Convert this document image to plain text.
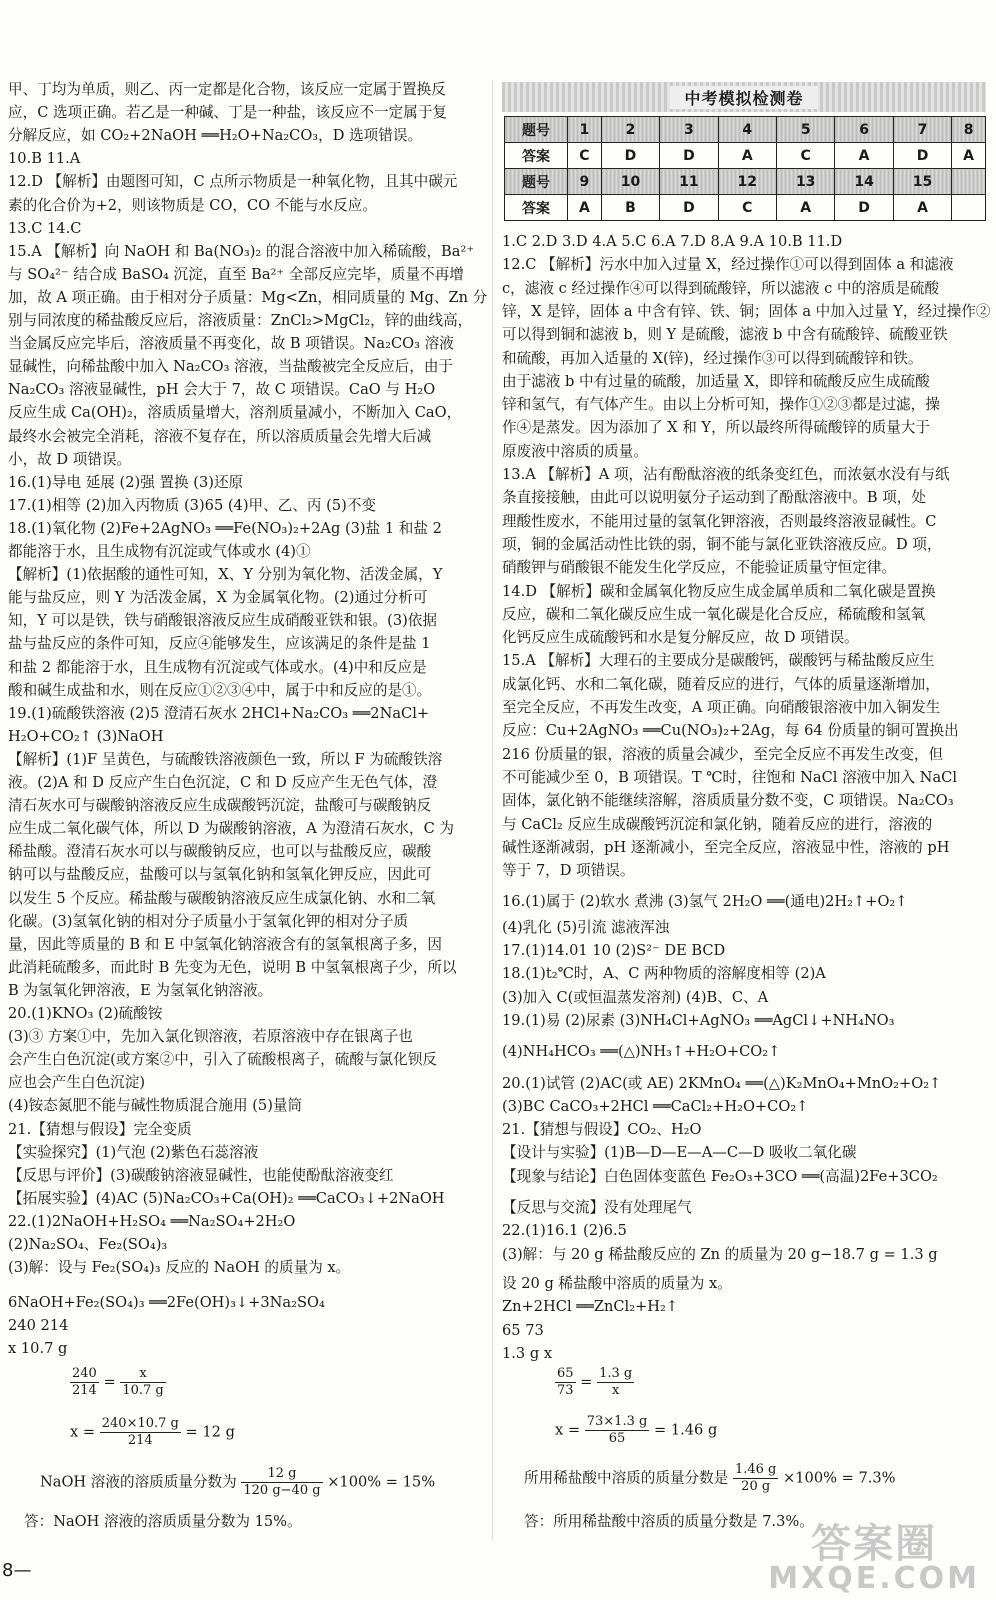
甲、丁均为单质，则乙、丙一定都是化合物，该反应一定属于置换反
应，C 选项正确。若乙是一种碱、丁是一种盐，该反应不一定属于复
分解反应，如 CO₂+2NaOH ══H₂O+Na₂CO₃，D 选项错误。
10.B 11.A
12.D 【解析】由题图可知，C 点所示物质是一种氧化物，且其中碳元
素的化合价为+2，则该物质是 CO，CO 不能与水反应。
13.C 14.C
15.A 【解析】向 NaOH 和 Ba(NO₃)₂ 的混合溶液中加入稀硫酸，Ba²⁺
与 SO₄²⁻ 结合成 BaSO₄ 沉淀，直至 Ba²⁺ 全部反应完毕，质量不再增
加，故 A 项正确。由于相对分子质量：Mg<Zn，相同质量的 Mg、Zn 分
别与同浓度的稀盐酸反应后，溶液质量：ZnCl₂>MgCl₂，锌的曲线高，
当金属反应完毕后，溶液质量不再变化，故 B 项错误。Na₂CO₃ 溶液
显碱性，向稀盐酸中加入 Na₂CO₃ 溶液，当盐酸被完全反应后，由于
Na₂CO₃ 溶液显碱性，pH 会大于 7，故 C 项错误。CaO 与 H₂O
反应生成 Ca(OH)₂，溶质质量增大，溶剂质量减小，不断加入 CaO，
最终水会被完全消耗，溶液不复存在，所以溶质质量会先增大后减
小，故 D 项错误。
16.(1)导电 延展 (2)强 置换 (3)还原
17.(1)相等 (2)加入丙物质 (3)65 (4)甲、乙、丙 (5)不变
18.(1)氧化物 (2)Fe+2AgNO₃ ══Fe(NO₃)₂+2Ag (3)盐 1 和盐 2
都能溶于水，且生成物有沉淀或气体或水 (4)①
【解析】(1)依据酸的通性可知，X、Y 分别为氧化物、活泼金属，Y
能与盐反应，则 Y 为活泼金属，X 为金属氧化物。(2)通过分析可
知，Y 可以是铁，铁与硝酸银溶液反应生成硝酸亚铁和银。(3)依据
盐与盐反应的条件可知，反应④能够发生，应该满足的条件是盐 1
和盐 2 都能溶于水，且生成物有沉淀或气体或水。(4)中和反应是
酸和碱生成盐和水，则在反应①②③④中，属于中和反应的是①。
19.(1)硫酸铁溶液 (2)5 澄清石灰水 2HCl+Na₂CO₃ ══2NaCl+
H₂O+CO₂↑ (3)NaOH
【解析】(1)F 呈黄色，与硫酸铁溶液颜色一致，所以 F 为硫酸铁溶
液。(2)A 和 D 反应产生白色沉淀，C 和 D 反应产生无色气体，澄
清石灰水可与碳酸钠溶液反应生成碳酸钙沉淀，盐酸可与碳酸钠反
应生成二氧化碳气体，所以 D 为碳酸钠溶液，A 为澄清石灰水，C 为
稀盐酸。澄清石灰水可以与碳酸钠反应，也可以与盐酸反应，碳酸
钠可以与盐酸反应，盐酸可以与氢氧化钠和氢氧化钾反应，因此可
以发生 5 个反应。稀盐酸与碳酸钠溶液反应生成氯化钠、水和二氧
化碳。(3)氢氧化钠的相对分子质量小于氢氧化钾的相对分子质
量，因此等质量的 B 和 E 中氢氧化钠溶液含有的氢氧根离子多，因
此消耗硫酸多，而此时 B 先变为无色，说明 B 中氢氧根离子少，所以
B 为氢氧化钾溶液，E 为氢氧化钠溶液。
20.(1)KNO₃ (2)硫酸铵
(3)③ 方案①中，先加入氯化钡溶液，若原溶液中存在银离子也
会产生白色沉淀(或方案②中，引入了硫酸根离子，硫酸与氯化钡反
应也会产生白色沉淀)
(4)铵态氮肥不能与碱性物质混合施用 (5)量筒
21.【猜想与假设】完全变质
【实验探究】(1)气泡 (2)紫色石蕊溶液
【反思与评价】(3)碳酸钠溶液显碱性，也能使酚酞溶液变红
【拓展实验】(4)AC (5)Na₂CO₃+Ca(OH)₂ ══CaCO₃↓+2NaOH
22.(1)2NaOH+H₂SO₄ ══Na₂SO₄+2H₂O
(2)Na₂SO₄、Fe₂(SO₄)₃
(3)解：设与 Fe₂(SO₄)₃ 反应的 NaOH 的质量为 x。
6NaOH+Fe₂(SO₄)₃ ══2Fe(OH)₃↓+3Na₂SO₄
240 214
x 10.7 g
1.C 2.D 3.D 4.A 5.C 6.A 7.D 8.A 9.A 10.B 11.D
12.C 【解析】污水中加入过量 X，经过操作①可以得到固体 a 和滤液
c，滤液 c 经过操作④可以得到硫酸锌，所以滤液 c 中的溶质是硫酸
锌，X 是锌，固体 a 中含有锌、铁、铜；固体 a 中加入过量 Y，经过操作②
可以得到铜和滤液 b，则 Y 是硫酸，滤液 b 中含有硫酸锌、硫酸亚铁
和硫酸，再加入适量的 X(锌)，经过操作③可以得到硫酸锌和铁。
由于滤液 b 中有过量的硫酸，加适量 X，即锌和硫酸反应生成硫酸
锌和氢气，有气体产生。由以上分析可知，操作①②③都是过滤，操
作④是蒸发。因为添加了 X 和 Y，所以最终所得硫酸锌的质量大于
原废液中溶质的质量。
13.A 【解析】A 项，沾有酚酞溶液的纸条变红色，而浓氨水没有与纸
条直接接触，由此可以说明氨分子运动到了酚酞溶液中。B 项，处
理酸性废水，不能用过量的氢氧化钾溶液，否则最终溶液显碱性。C
项，铜的金属活动性比铁的弱，铜不能与氯化亚铁溶液反应。D 项，
硝酸钾与硝酸银不能发生化学反应，不能验证质量守恒定律。
14.D 【解析】碳和金属氧化物反应生成金属单质和二氧化碳是置换
反应，碳和二氧化碳反应生成一氧化碳是化合反应，稀硫酸和氢氧
化钙反应生成硫酸钙和水是复分解反应，故 D 项错误。
15.A 【解析】大理石的主要成分是碳酸钙，碳酸钙与稀盐酸反应生
成氯化钙、水和二氧化碳，随着反应的进行，气体的质量逐渐增加，
至完全反应，不再发生改变，A 项正确。向硝酸银溶液中加入铜发生
反应：Cu+2AgNO₃ ══Cu(NO₃)₂+2Ag，每 64 份质量的铜可置换出
216 份质量的银，溶液的质量会减少，至完全反应不再发生改变，但
不可能减少至 0，B 项错误。T ℃时，往饱和 NaCl 溶液中加入 NaCl
固体，氯化钠不能继续溶解，溶质质量分数不变，C 项错误。Na₂CO₃
与 CaCl₂ 反应生成碳酸钙沉淀和氯化钠，随着反应的进行，溶液的
碱性逐渐减弱，pH 逐渐减小，至完全反应，溶液显中性，溶液的 pH
等于 7，D 项错误。
16.(1)属于 (2)软水 煮沸 (3)氢气 2H₂O ══(通电)2H₂↑+O₂↑
(4)乳化 (5)引流 滤液浑浊
17.(1)14.01 10 (2)S²⁻ DE BCD
18.(1)t₂℃时，A、C 两种物质的溶解度相等 (2)A
(3)加入 C(或恒温蒸发溶剂) (4)B、C、A
19.(1)易 (2)尿素 (3)NH₄Cl+AgNO₃ ══AgCl↓+NH₄NO₃
(4)NH₄HCO₃ ══(△)NH₃↑+H₂O+CO₂↑
20.(1)试管 (2)AC(或 AE) 2KMnO₄ ══(△)K₂MnO₄+MnO₂+O₂↑
(3)BC CaCO₃+2HCl ══CaCl₂+H₂O+CO₂↑
21.【猜想与假设】CO₂、H₂O
【设计与实验】(1)B—D—E—A—C—D 吸收二氧化碳
【现象与结论】白色固体变蓝色 Fe₂O₃+3CO ══(高温)2Fe+3CO₂
【反思与交流】没有处理尾气
22.(1)16.1 (2)6.5
(3)解：与 20 g 稀盐酸反应的 Zn 的质量为 20 g−18.7 g = 1.3 g
设 20 g 稀盐酸中溶质的质量为 x。
Zn+2HCl ══ZnCl₂+H₂↑
65 73
1.3 g x
中考模拟检测卷
题号	1	2	3	4	5	6	7	8
答案	C	D	D	A	C	A	D	A
题号	9	10	11	12	13	14	15	
答案	A	B	D	C	A	D	A	
$\frac{240}{214} = \frac{x}{10.7 g}$
$x = \frac{240\times 10.7 g}{214} = 12$ g
NaOH 溶液的溶质质量分数为 $\frac{12 g}{120 g-40 g} \times 100\% = 15\%$
答：NaOH 溶液的溶质质量分数为 15%。
$\frac{65}{73} = \frac{1.3 g}{x}$
$x = \frac{73\times 1.3 g}{65} = 1.46$ g
所用稀盐酸中溶质的质量分数是 $\frac{1.46 g}{20 g} \times 100\% = 7.3\%$
答：所用稀盐酸中溶质的质量分数是 7.3%。
答案圈
MXQE.COM
8—
